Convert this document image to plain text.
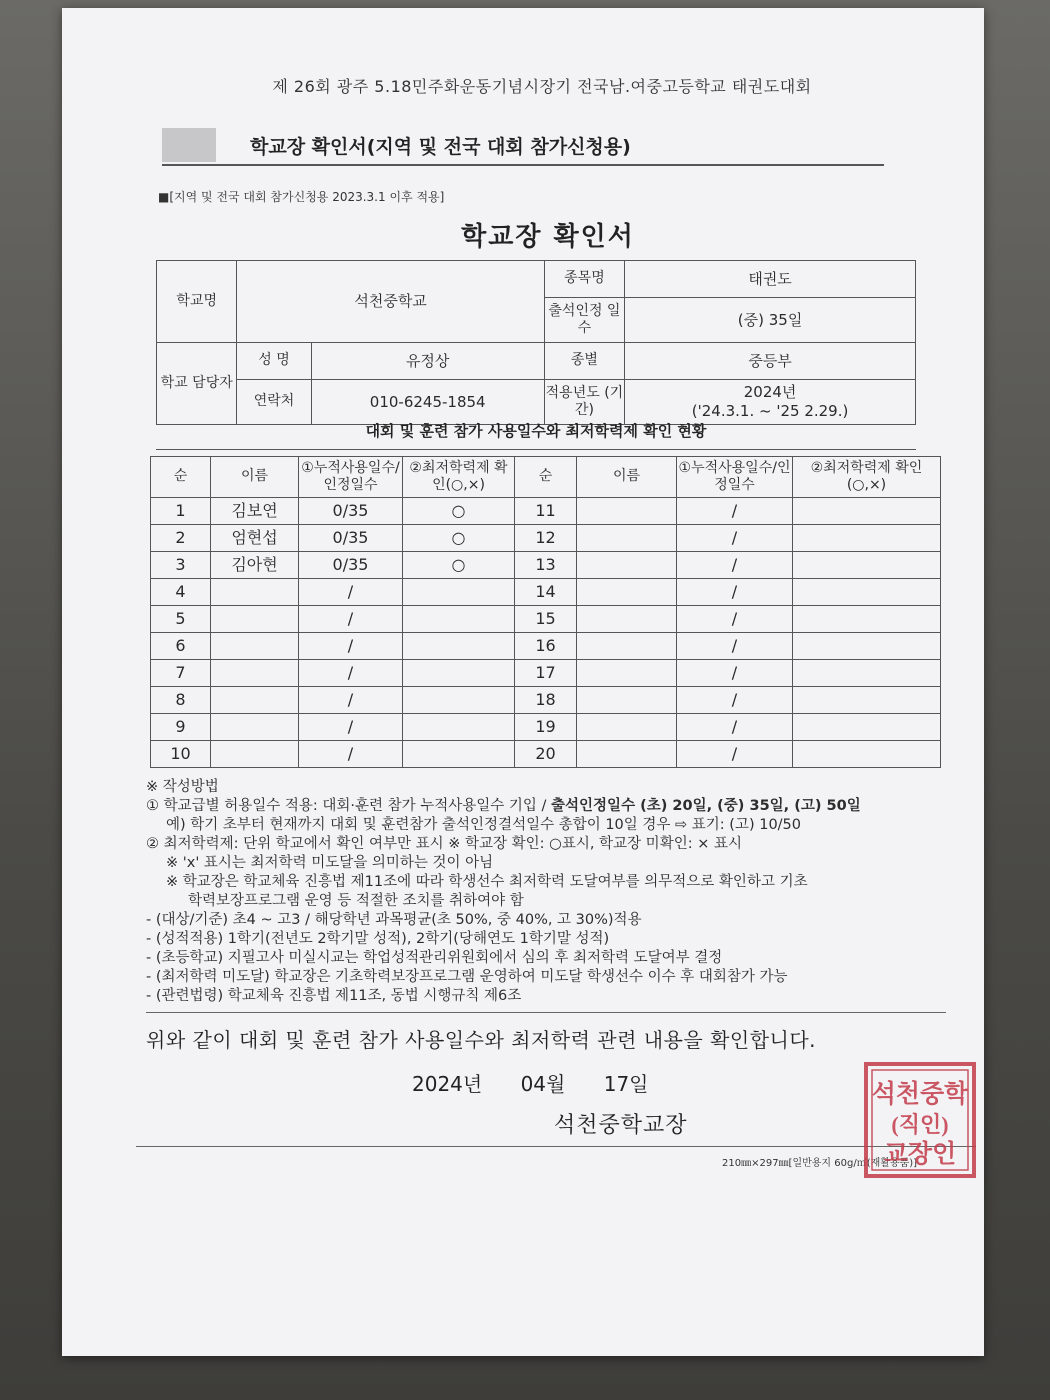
제 26회 광주 5.18민주화운동기념시장기 전국남.여중고등학교 태권도대회
학교장 확인서(지역 및 전국 대회 참가신청용)
■[지역 및 전국 대회 참가신청용 2023.3.1 이후 적용]
학교장 확인서
학교명	석천중학교		종목명	태권도
			출석인정 일수	(중) 35일
학교 담당자	성 명	유정상	종별	중등부
	연락처	010-6245-1854	적용년도 (기간)	2024년
('24.3.1. ~ '25 2.29.)
대회 및 훈련 참가 사용일수와 최저학력제 확인 현황
순	이름	①누적사용일수/인정일수	②최저학력제 확인(○,×)	순	이름	①누적사용일수/인정일수	②최저학력제 확인(○,×)
1	김보연	0/35	○	11		/	
2	엄현섭	0/35	○	12		/	
3	김아현	0/35	○	13		/	
4		/		14		/	
5		/		15		/	
6		/		16		/	
7		/		17		/	
8		/		18		/	
9		/		19		/	
10		/		20		/	
※ 작성방법
① 학교급별 허용일수 적용: 대회·훈련 참가 누적사용일수 기입 / 출석인정일수 (초) 20일, (중) 35일, (고) 50일
예) 학기 초부터 현재까지 대회 및 훈련참가 출석인정결석일수 총합이 10일 경우 ⇨ 표기: (고) 10/50
② 최저학력제: 단위 학교에서 확인 여부만 표시 ※ 학교장 확인: ○표시, 학교장 미확인: × 표시
※ 'x' 표시는 최저학력 미도달을 의미하는 것이 아님
※ 학교장은 학교체육 진흥법 제11조에 따라 학생선수 최저학력 도달여부를 의무적으로 확인하고 기초
학력보장프로그램 운영 등 적절한 조치를 취하여야 함
- (대상/기준) 초4 ~ 고3 / 해당학년 과목평균(초 50%, 중 40%, 고 30%)적용
- (성적적용) 1학기(전년도 2학기말 성적), 2학기(당해연도 1학기말 성적)
- (초등학교) 지필고사 미실시교는 학업성적관리위원회에서 심의 후 최저학력 도달여부 결정
- (최저학력 미도달) 학교장은 기초학력보장프로그램 운영하여 미도달 학생선수 이수 후 대회참가 가능
- (관련법령) 학교체육 진흥법 제11조, 동법 시행규칙 제6조
위와 같이 대회 및 훈련 참가 사용일수와 최저학력 관련 내용을 확인합니다.
2024년 04월 17일
석천중학교장
210㎜×297㎜[일반용지 60g/㎡(재활용품)]
석천중학
(직인)
교장인
